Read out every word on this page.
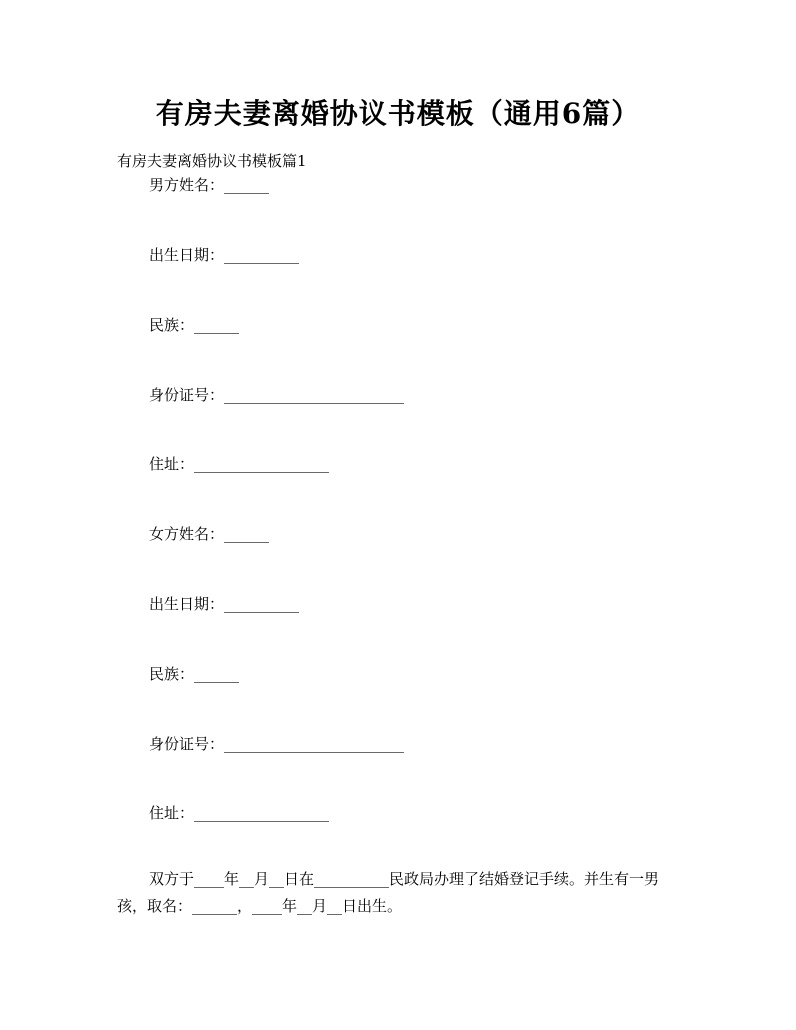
有房夫妻离婚协议书模板（通用6篇）
有房夫妻离婚协议书模板篇1
男方姓名：______
出生日期：__________
民族：______
身份证号：________________________
住址：__________________
女方姓名：______
出生日期：__________
民族：______
身份证号：________________________
住址：__________________
双方于____年__月__日在__________民政局办理了结婚登记手续。并生有一男孩，取名：______，____年__月__日出生。
